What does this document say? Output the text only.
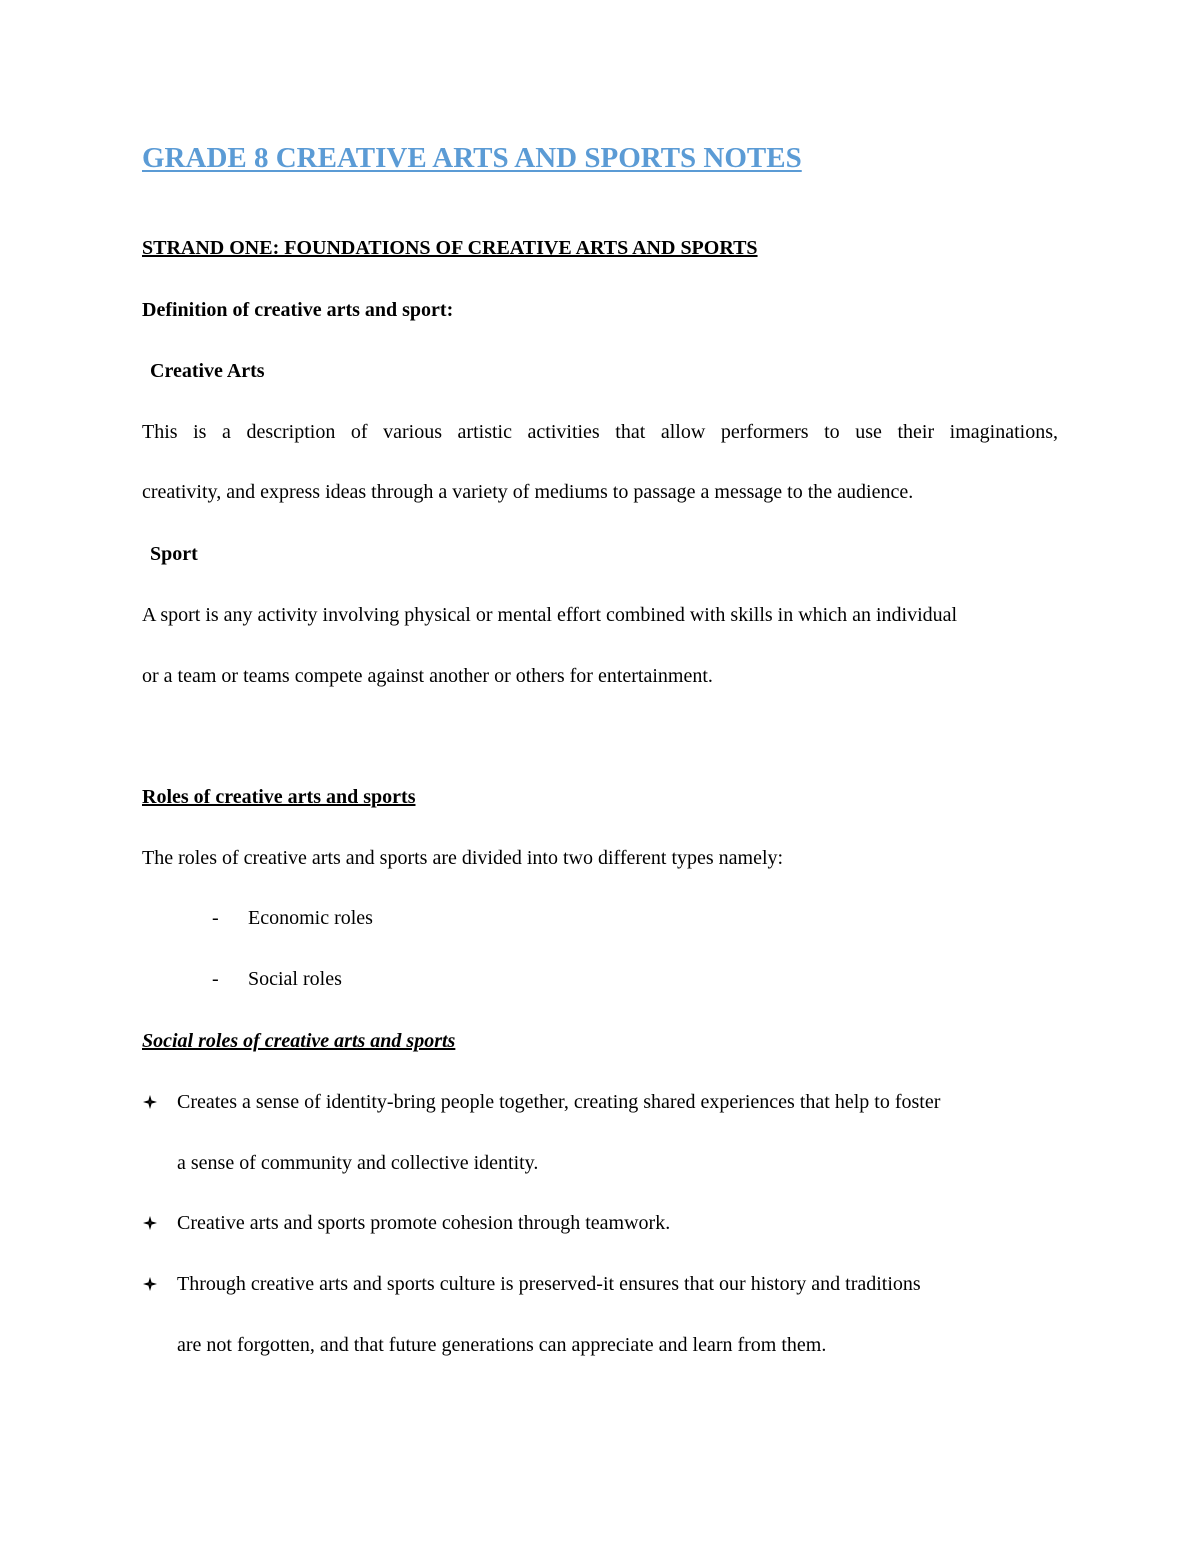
GRADE 8 CREATIVE ARTS AND SPORTS NOTES
STRAND ONE: FOUNDATIONS OF CREATIVE ARTS AND SPORTS
Definition of creative arts and sport:
Creative Arts
This is a description of various artistic activities that allow performers to use their imaginations,
creativity, and express ideas through a variety of mediums to passage a message to the audience.
Sport
A sport is any activity involving physical or mental effort combined with skills in which an individual
or a team or teams compete against another or others for entertainment.
Roles of creative arts and sports
The roles of creative arts and sports are divided into two different types namely:
- Economic roles
- Social roles
Social roles of creative arts and sports
Creates a sense of identity-bring people together, creating shared experiences that help to foster
a sense of community and collective identity.
Creative arts and sports promote cohesion through teamwork.
Through creative arts and sports culture is preserved-it ensures that our history and traditions
are not forgotten, and that future generations can appreciate and learn from them.
